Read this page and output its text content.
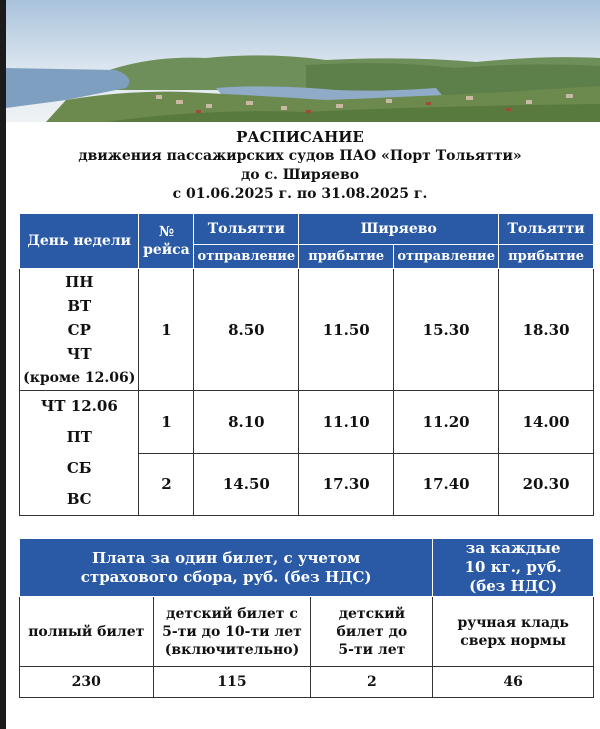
РАСПИСАНИЕ
движения пассажирских судов ПАО «Порт Тольятти»
до с. Ширяево
с 01.06.2025 г. по 31.08.2025 г.
День недели	№ рейса	Тольятти	Ширяево		Тольятти
		отправление	прибытие	отправление	прибытие

ПН
ВТ
СР
ЧТ
(кроме 12.06)	1	8.50	11.50	15.30	18.30

ЧТ 12.06
ПТ
СБ
ВС	1	8.10	11.10	11.20	14.00
	2	14.50	17.30	17.40	20.30
Плата за один билет, с учетом страхового сбора, руб. (без НДС)			за каждые 10 кг., руб.(без НДС)
полный билет	детский билет с 5-ти до 10-ти лет (включительно)	детский билет до 5-ти лет	ручная кладь сверх нормы
230	115	2	46
